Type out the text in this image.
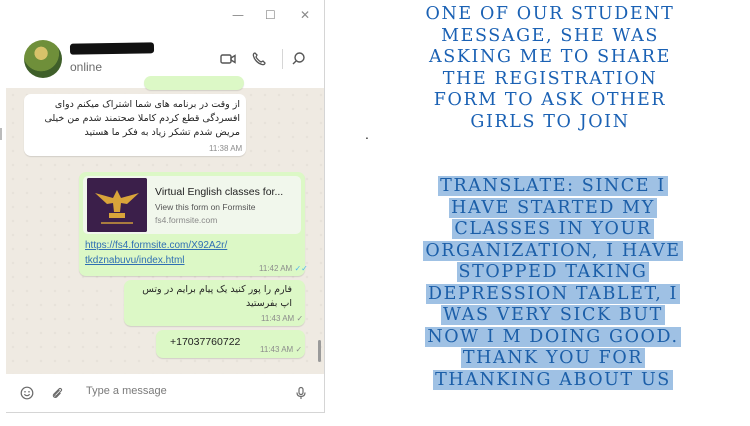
— ☐ ✕
online
از وقت در برنامه های شما اشتراک میکنم دوای افسردگی قطع کردم کاملا صحتمند شدم من خیلی مریض شدم تشکر زیاد به فکر ما هستید
11:38 AM
Virtual English classes for...
View this form on Formsite
fs4.formsite.com
https://fs4.formsite.com/X92A2r/
tkdznabuvu/index.html
11:42 AM ✓✓
فارم را پور کنید یک پیام برایم در وتس اپ بفرستید
11:43 AM ✓
+17037760722
11:43 AM ✓
Type a message
.
ONE OF OUR STUDENT MESSAGE, SHE WAS ASKING ME TO SHARE THE REGISTRATION FORM TO ASK OTHER GIRLS TO JOIN
TRANSLATE: SINCE I HAVE STARTED MY CLASSES IN YOUR ORGANIZATION, I HAVE STOPPED TAKING DEPRESSION TABLET, I WAS VERY SICK BUT NOW I M DOING GOOD. THANK YOU FOR THANKING ABOUT US
